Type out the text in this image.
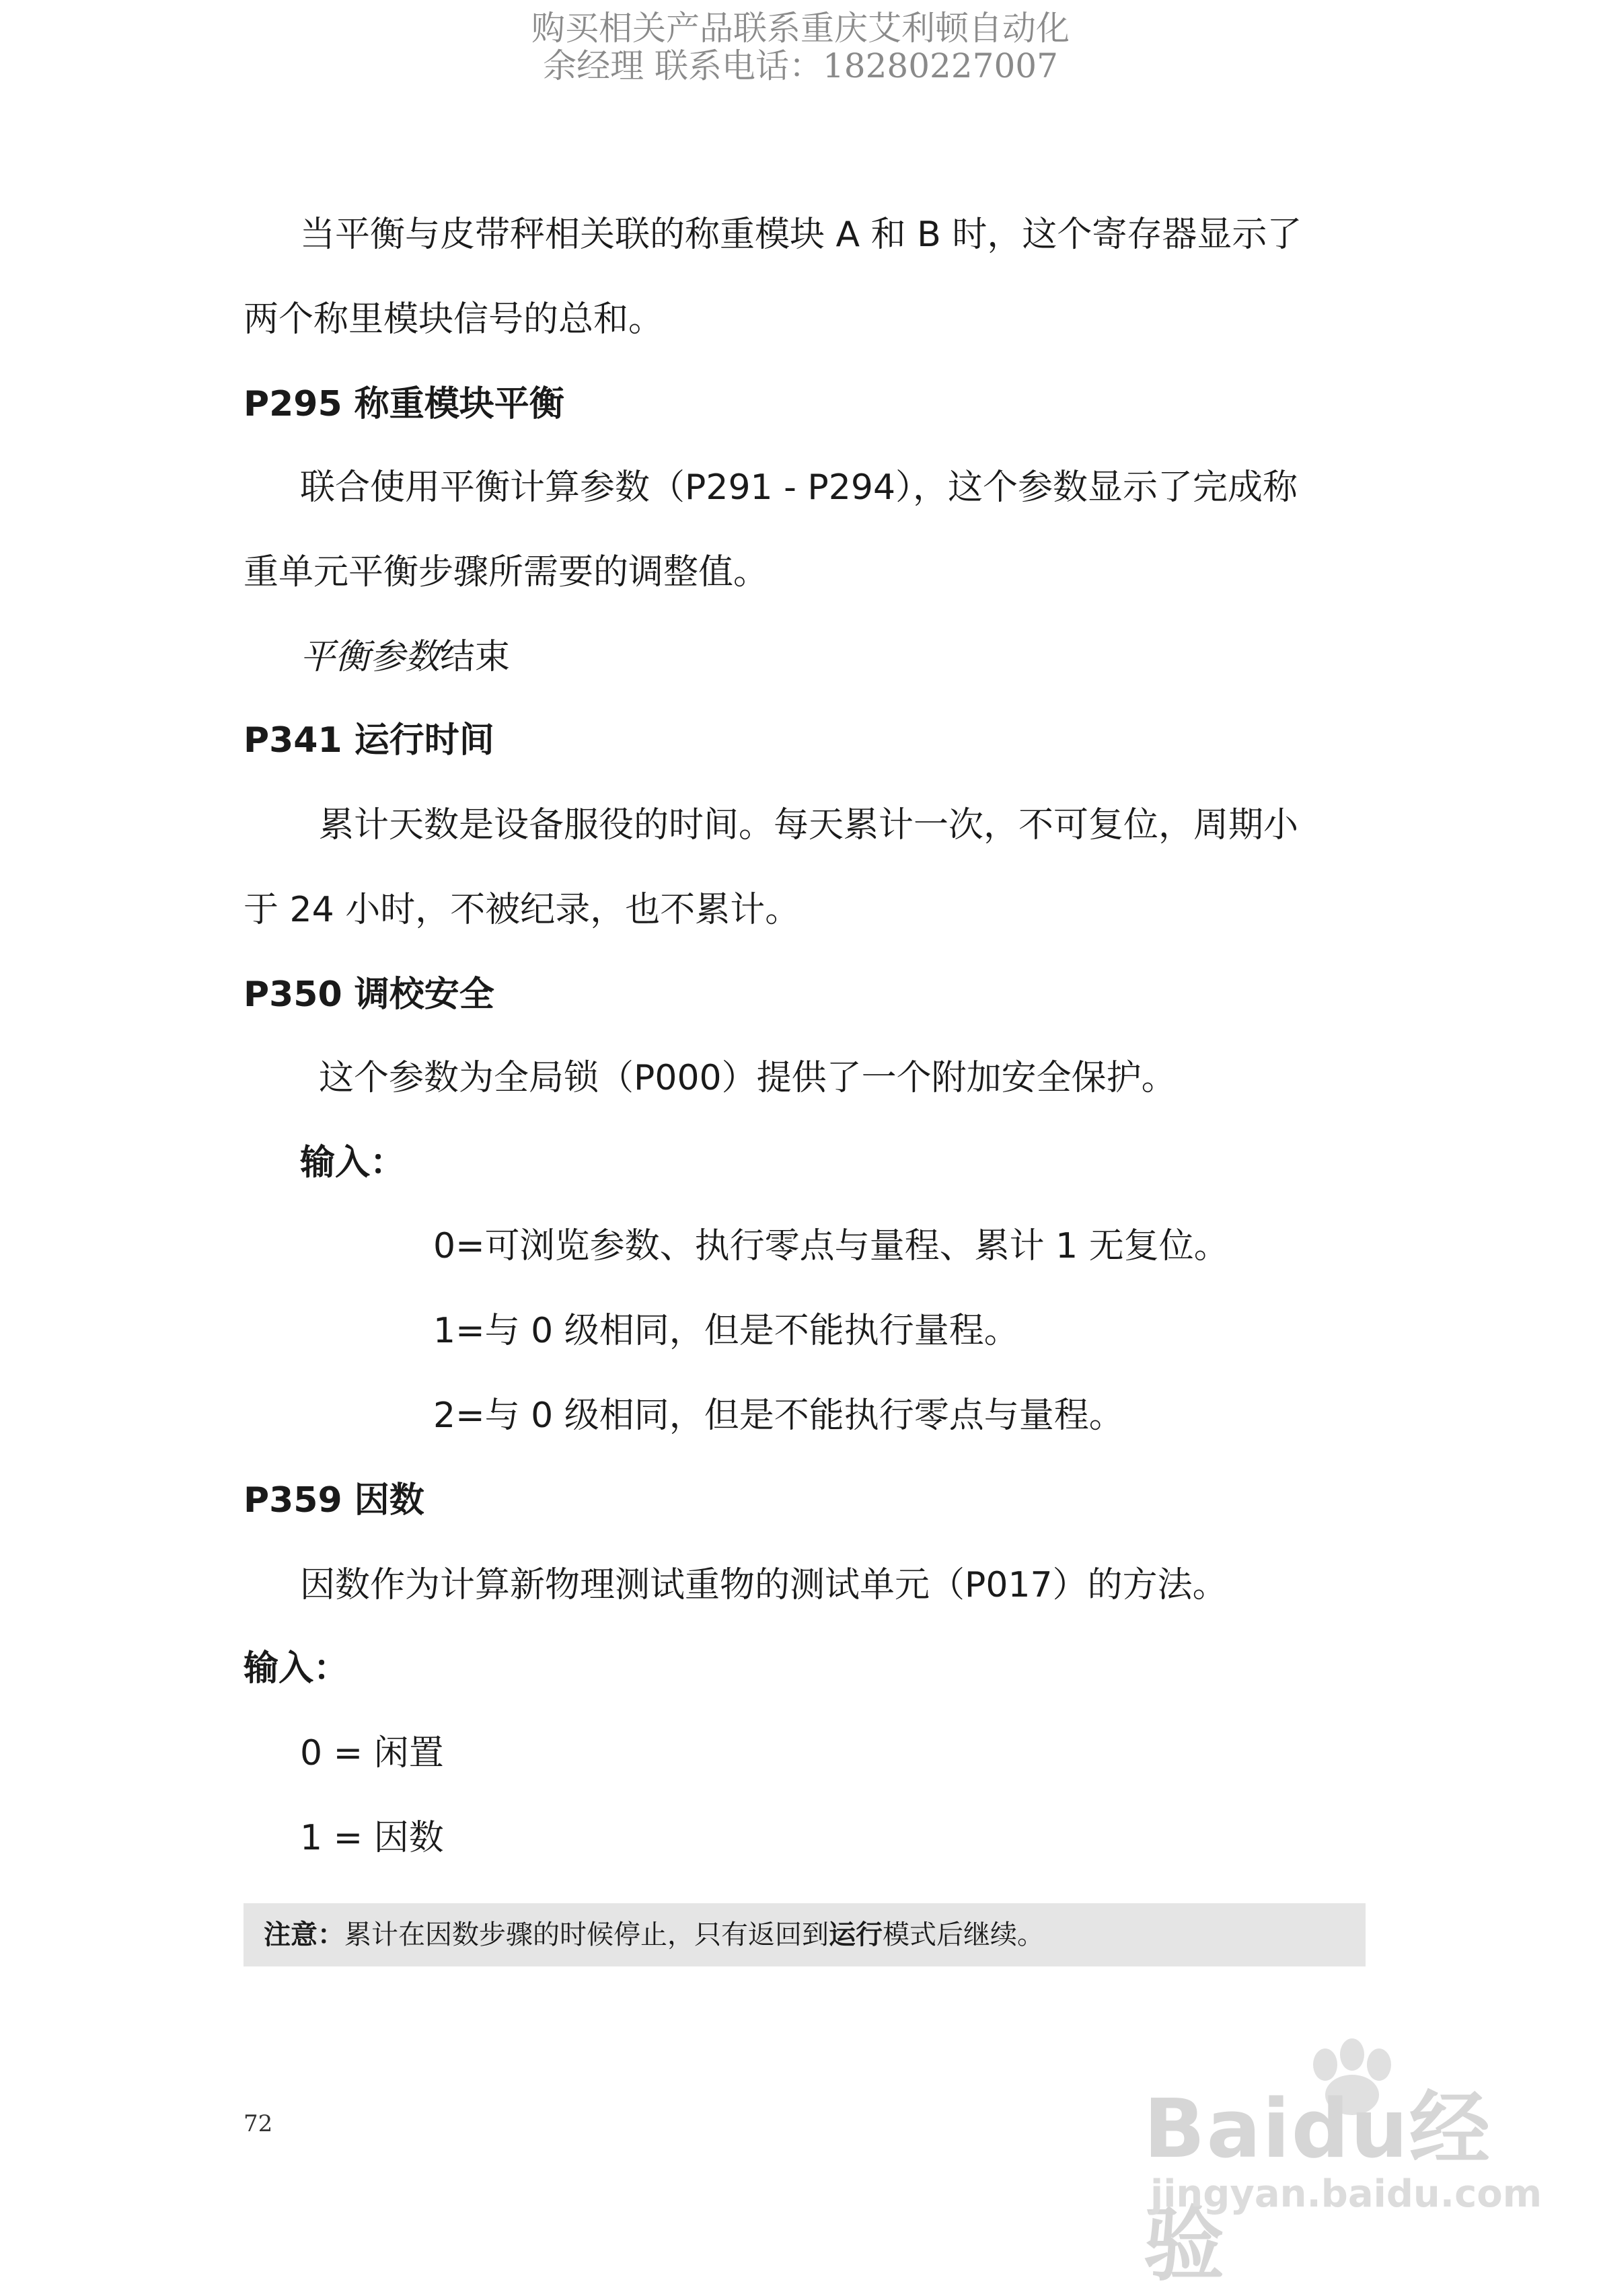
购买相关产品联系重庆艾利顿自动化
余经理 联系电话：18280227007
当平衡与皮带秤相关联的称重模块 A 和 B 时，这个寄存器显示了
两个称里模块信号的总和。
P295 称重模块平衡
联合使用平衡计算参数（P291 - P294），这个参数显示了完成称
重单元平衡步骤所需要的调整值。
平衡参数结束
P341 运行时间
累计天数是设备服役的时间。每天累计一次，不可复位，周期小
于 24 小时，不被纪录，也不累计。
P350 调校安全
这个参数为全局锁（P000）提供了一个附加安全保护。
输入：
0=可浏览参数、执行零点与量程、累计 1 无复位。
1=与 0 级相同，但是不能执行量程。
2=与 0 级相同，但是不能执行零点与量程。
P359 因数
因数作为计算新物理测试重物的测试单元（P017）的方法。
输入：
0 = 闲置
1 = 因数
注意：累计在因数步骤的时候停止，只有返回到运行模式后继续。
72	Baidu经验
jingyan.baidu.com
